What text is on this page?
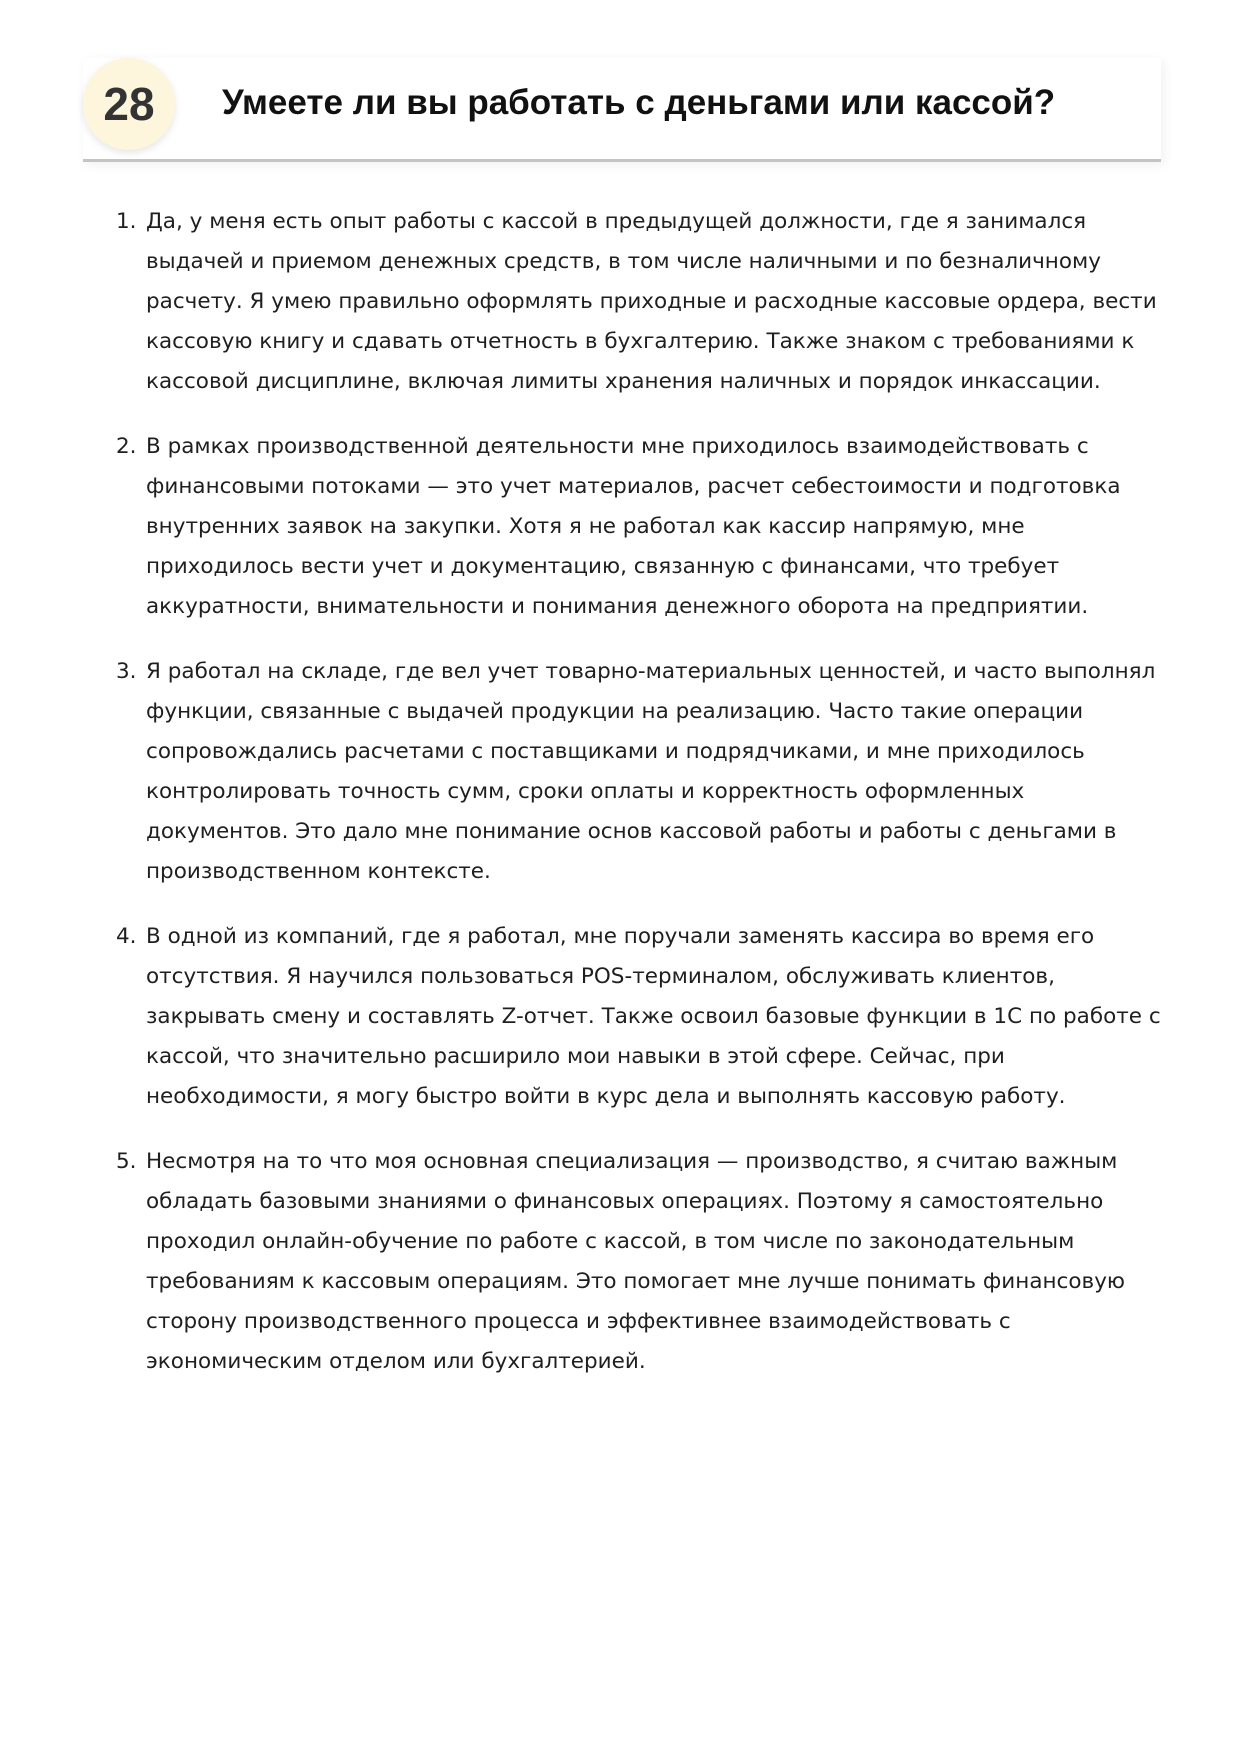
28	Умеете ли вы работать с деньгами или кассой?
1. Да, у меня есть опыт работы с кассой в предыдущей должности, где я занимался выдачей и приемом денежных средств, в том числе наличными и по безналичному расчету. Я умею правильно оформлять приходные и расходные кассовые ордера, вести кассовую книгу и сдавать отчетность в бухгалтерию. Также знаком с требованиями к кассовой дисциплине, включая лимиты хранения наличных и порядок инкассации.
2. В рамках производственной деятельности мне приходилось взаимодействовать с финансовыми потоками — это учет материалов, расчет себестоимости и подготовка внутренних заявок на закупки. Хотя я не работал как кассир напрямую, мне приходилось вести учет и документацию, связанную с финансами, что требует аккуратности, внимательности и понимания денежного оборота на предприятии.
3. Я работал на складе, где вел учет товарно-материальных ценностей, и часто выполнял функции, связанные с выдачей продукции на реализацию. Часто такие операции сопровождались расчетами с поставщиками и подрядчиками, и мне приходилось контролировать точность сумм, сроки оплаты и корректность оформленных документов. Это дало мне понимание основ кассовой работы и работы с деньгами в производственном контексте.
4. В одной из компаний, где я работал, мне поручали заменять кассира во время его отсутствия. Я научился пользоваться POS-терминалом, обслуживать клиентов, закрывать смену и составлять Z-отчет. Также освоил базовые функции в 1С по работе с кассой, что значительно расширило мои навыки в этой сфере. Сейчас, при необходимости, я могу быстро войти в курс дела и выполнять кассовую работу.
5. Несмотря на то что моя основная специализация — производство, я считаю важным обладать базовыми знаниями о финансовых операциях. Поэтому я самостоятельно проходил онлайн-обучение по работе с кассой, в том числе по законодательным требованиям к кассовым операциям. Это помогает мне лучше понимать финансовую сторону производственного процесса и эффективнее взаимодействовать с экономическим отделом или бухгалтерией.
